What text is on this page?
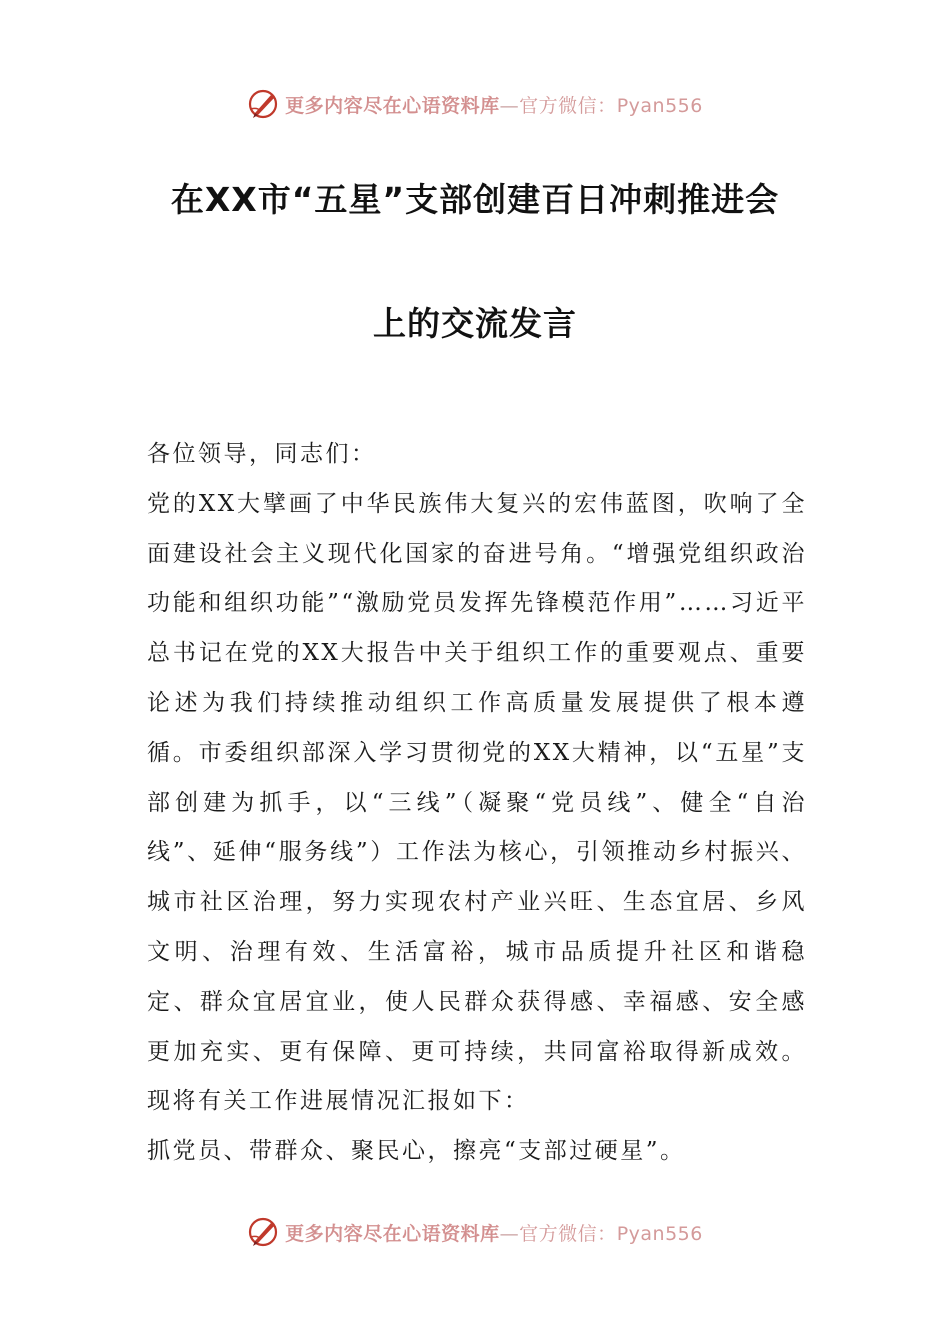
更多内容尽在心语资料库—官方微信：Pyan556
在XX市“五星”支部创建百日冲刺推进会
上的交流发言

各位领导，同志们：

党的XX大擘画了中华民族伟大复兴的宏伟蓝图，吹响了全面建设社会主义现代化国家的奋进号角。“增强党组织政治功能和组织功能”“激励党员发挥先锋模范作用”……习近平总书记在党的XX大报告中关于组织工作的重要观点、重要论述为我们持续推动组织工作高质量发展提供了根本遵循。市委组织部深入学习贯彻党的XX大精神，以“五星”支部创建为抓手，以“三线”（凝聚“党员线”、健全“自治线”、延伸“服务线”）工作法为核心，引领推动乡村振兴、城市社区治理，努力实现农村产业兴旺、生态宜居、乡风文明、治理有效、生活富裕，城市品质提升社区和谐稳定、群众宜居宜业，使人民群众获得感、幸福感、安全感更加充实、更有保障、更可持续，共同富裕取得新成效。现将有关工作进展情况汇报如下：

抓党员、带群众、聚民心，擦亮“支部过硬星”。

更多内容尽在心语资料库—官方微信：Pyan556
